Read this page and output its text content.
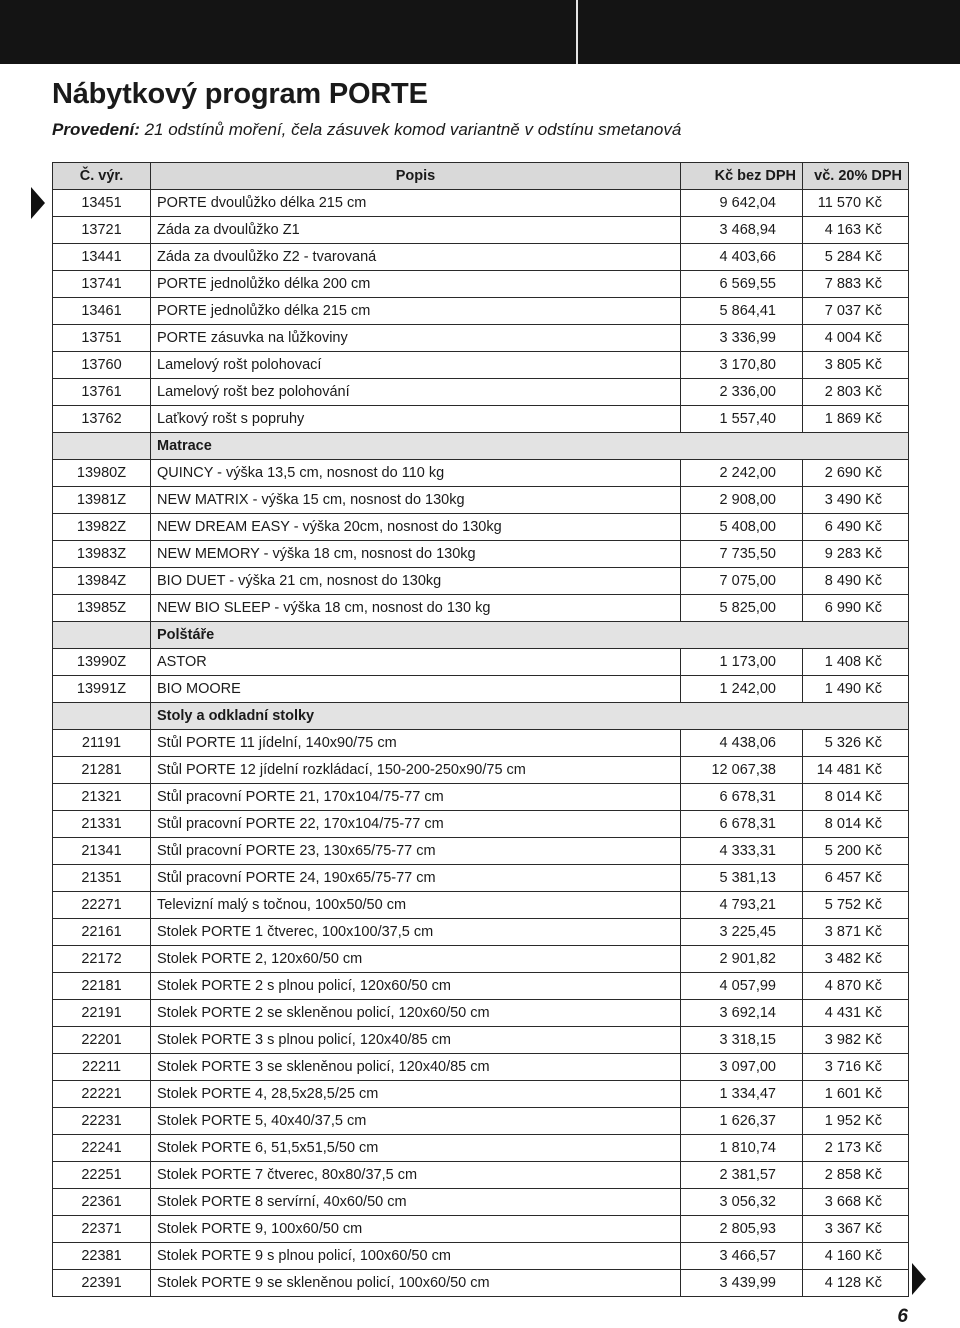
Nábytkový program PORTE

Provedení: 21 odstínů moření, čela zásuvek komod variantně v odstínu smetanová

Č. výr.	Popis	Kč bez DPH	vč. 20% DPH
13451	PORTE dvoulůžko délka 215 cm	9 642,04	11 570 Kč
13721	Záda za dvoulůžko Z1	3 468,94	4 163 Kč
13441	Záda za dvoulůžko Z2 - tvarovaná	4 403,66	5 284 Kč
13741	PORTE jednolůžko délka 200 cm	6 569,55	7 883 Kč
13461	PORTE jednolůžko délka 215 cm	5 864,41	7 037 Kč
13751	PORTE zásuvka na lůžkoviny	3 336,99	4 004 Kč
13760	Lamelový rošt polohovací	3 170,80	3 805 Kč
13761	Lamelový rošt bez polohování	2 336,00	2 803 Kč
13762	Laťkový rošt s popruhy	1 557,40	1 869 Kč
	Matrace		
13980Z	QUINCY - výška 13,5 cm, nosnost do 110 kg	2 242,00	2 690 Kč
13981Z	NEW MATRIX - výška 15 cm, nosnost do 130kg	2 908,00	3 490 Kč
13982Z	NEW DREAM EASY - výška 20cm, nosnost do 130kg	5 408,00	6 490 Kč
13983Z	NEW MEMORY - výška 18 cm, nosnost do 130kg	7 735,50	9 283 Kč
13984Z	BIO DUET - výška 21 cm, nosnost do 130kg	7 075,00	8 490 Kč
13985Z	NEW BIO SLEEP - výška 18 cm, nosnost do 130 kg	5 825,00	6 990 Kč
	Polštáře		
13990Z	ASTOR	1 173,00	1 408 Kč
13991Z	BIO MOORE	1 242,00	1 490 Kč
	Stoly a odkladní stolky		
21191	Stůl PORTE 11 jídelní, 140x90/75 cm	4 438,06	5 326 Kč
21281	Stůl PORTE 12 jídelní rozkládací, 150-200-250x90/75 cm	12 067,38	14 481 Kč
21321	Stůl pracovní PORTE 21, 170x104/75-77 cm	6 678,31	8 014 Kč
21331	Stůl pracovní PORTE 22, 170x104/75-77 cm	6 678,31	8 014 Kč
21341	Stůl pracovní PORTE 23, 130x65/75-77 cm	4 333,31	5 200 Kč
21351	Stůl pracovní PORTE 24, 190x65/75-77 cm	5 381,13	6 457 Kč
22271	Televizní malý s točnou, 100x50/50 cm	4 793,21	5 752 Kč
22161	Stolek PORTE 1 čtverec, 100x100/37,5 cm	3 225,45	3 871 Kč
22172	Stolek PORTE 2, 120x60/50 cm	2 901,82	3 482 Kč
22181	Stolek PORTE 2 s plnou policí, 120x60/50 cm	4 057,99	4 870 Kč
22191	Stolek PORTE 2 se skleněnou policí, 120x60/50 cm	3 692,14	4 431 Kč
22201	Stolek PORTE 3 s plnou policí, 120x40/85 cm	3 318,15	3 982 Kč
22211	Stolek PORTE 3 se skleněnou policí, 120x40/85 cm	3 097,00	3 716 Kč
22221	Stolek PORTE 4, 28,5x28,5/25 cm	1 334,47	1 601 Kč
22231	Stolek PORTE 5, 40x40/37,5 cm	1 626,37	1 952 Kč
22241	Stolek PORTE 6, 51,5x51,5/50 cm	1 810,74	2 173 Kč
22251	Stolek PORTE 7 čtverec, 80x80/37,5 cm	2 381,57	2 858 Kč
22361	Stolek PORTE 8 servírní, 40x60/50 cm	3 056,32	3 668 Kč
22371	Stolek PORTE 9, 100x60/50 cm	2 805,93	3 367 Kč
22381	Stolek PORTE 9 s plnou policí, 100x60/50 cm	3 466,57	4 160 Kč
22391	Stolek PORTE 9 se skleněnou policí, 100x60/50 cm	3 439,99	4 128 Kč

6
